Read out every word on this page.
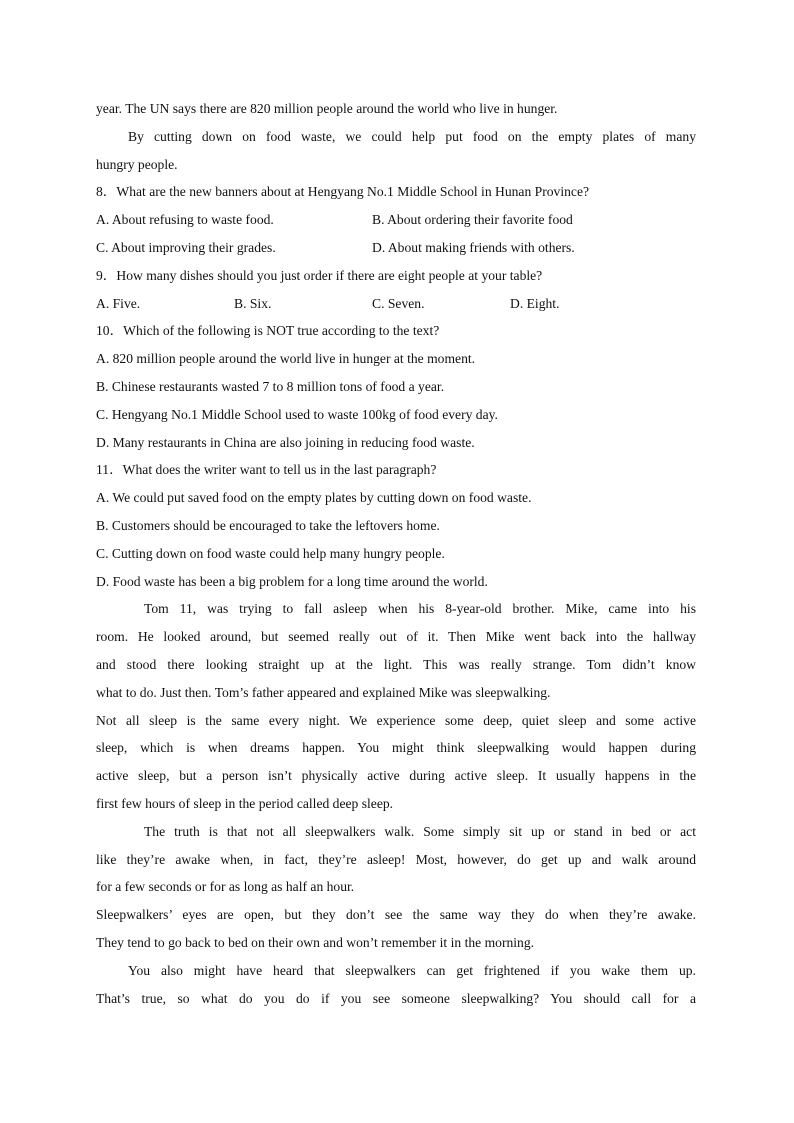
year. The UN says there are 820 million people around the world who live in hunger.
By cutting down on food waste, we could help put food on the empty plates of many
hungry people.
8．What are the new banners about at Hengyang No.1 Middle School in Hunan Province?
A. About refusing to waste food.	B. About ordering their favorite food
C. About improving their grades.	D. About making friends with others.
9．How many dishes should you just order if there are eight people at your table?
A. Five.	B. Six.	C. Seven.	D. Eight.
10．Which of the following is NOT true according to the text?
A. 820 million people around the world live in hunger at the moment.
B. Chinese restaurants wasted 7 to 8 million tons of food a year.
C. Hengyang No.1 Middle School used to waste 100kg of food every day.
D. Many restaurants in China are also joining in reducing food waste.
11．What does the writer want to tell us in the last paragraph?
A. We could put saved food on the empty plates by cutting down on food waste.
B. Customers should be encouraged to take the leftovers home.
C. Cutting down on food waste could help many hungry people.
D. Food waste has been a big problem for a long time around the world.
Tom 11, was trying to fall asleep when his 8-year-old brother. Mike, came into his
room. He looked around, but seemed really out of it. Then Mike went back into the hallway
and stood there looking straight up at the light. This was really strange. Tom didn’t know
what to do. Just then. Tom’s father appeared and explained Mike was sleepwalking.
Not all sleep is the same every night. We experience some deep, quiet sleep and some active
sleep, which is when dreams happen. You might think sleepwalking would happen during
active sleep, but a person isn’t physically active during active sleep. It usually happens in the
first few hours of sleep in the period called deep sleep.
The truth is that not all sleepwalkers walk. Some simply sit up or stand in bed or act
like they’re awake when, in fact, they’re asleep! Most, however, do get up and walk around
for a few seconds or for as long as half an hour.
Sleepwalkers’ eyes are open, but they don’t see the same way they do when they’re awake.
They tend to go back to bed on their own and won’t remember it in the morning.
You also might have heard that sleepwalkers can get frightened if you wake them up.
That’s true, so what do you do if you see someone sleepwalking? You should call for a
